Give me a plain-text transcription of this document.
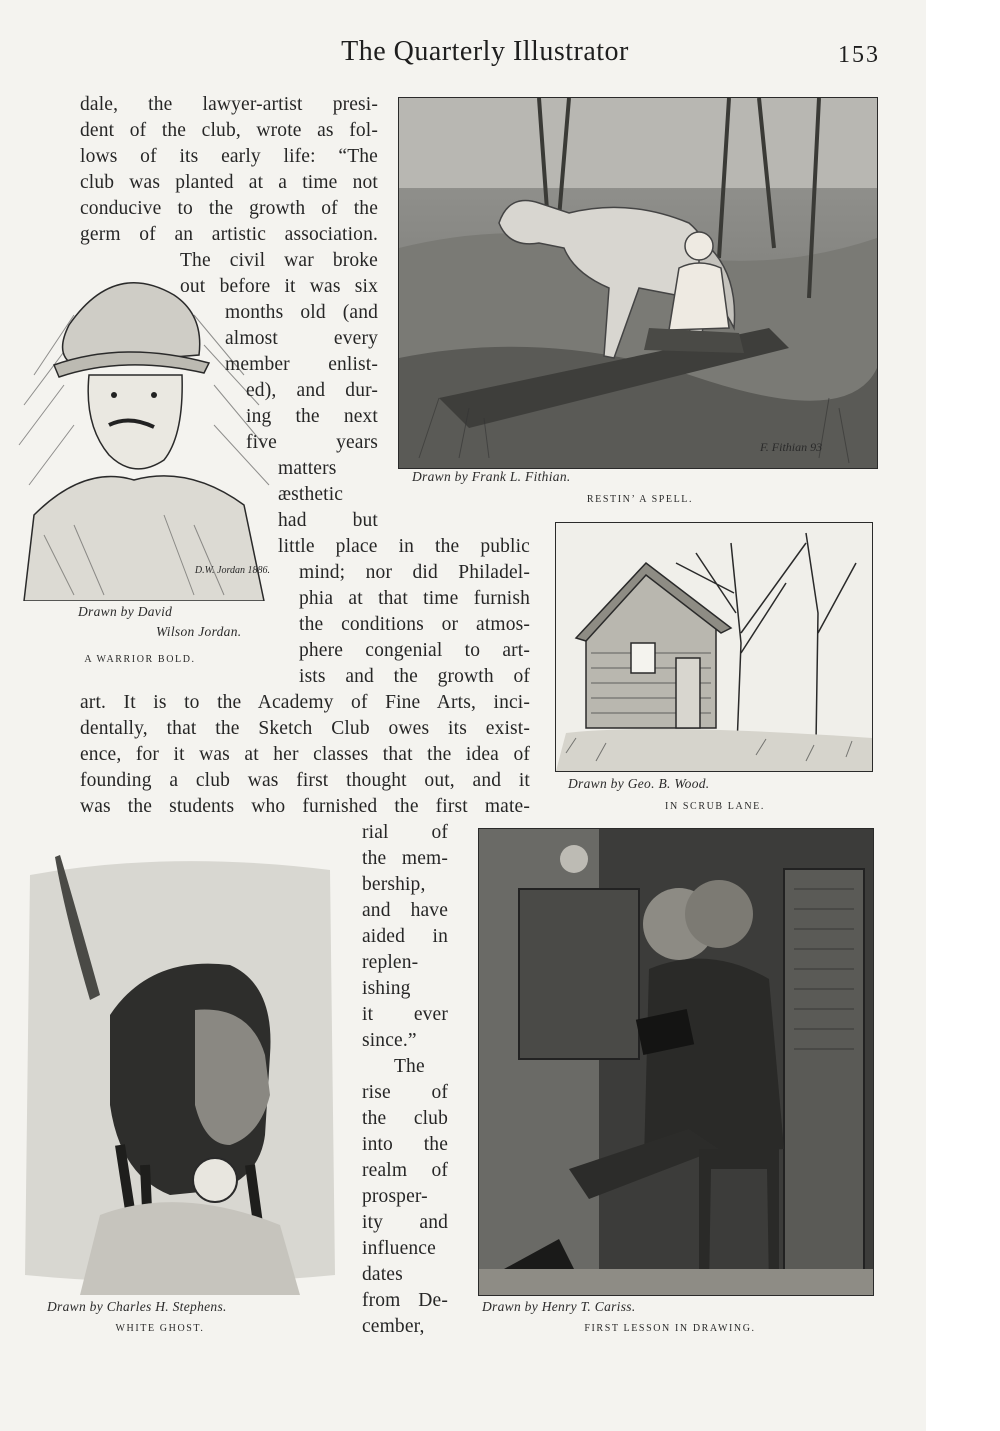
The Quarterly Illustrator	153
dale, the lawyer-artist presi-
dent of the club, wrote as fol-
lows of its early life: “The
club was planted at a time not
conducive to the growth of the
germ of an artistic association.
The civil war broke
out before it was six
months old (and
almost every
member enlist-
ed), and dur-
ing the next
five years
matters
æsthetic
had but
little place in the public
mind; nor did Philadel-
phia at that time furnish
the conditions or atmos-
phere congenial to art-
ists and the growth of
art. It is to the Academy of Fine Arts, inci-
dentally, that the Sketch Club owes its exist-
ence, for it was at her classes that the idea of
founding a club was first thought out, and it
was the students who furnished the first mate-
rial of
the mem-
bership,
and have
aided in
replen-
ishing
it ever
since.”
The
rise of
the club
into the
realm of
prosper-
ity and
influence
dates
from De-
cember,
F. Fithian 93
Drawn by Frank L. Fithian.
RESTIN’ A SPELL.
D.W. Jordan 1886.
Drawn by David
Wilson Jordan.
A WARRIOR BOLD.
Drawn by Geo. B. Wood.
IN SCRUB LANE.
Drawn by Charles H. Stephens.
WHITE GHOST.
Drawn by Henry T. Cariss.
FIRST LESSON IN DRAWING.
